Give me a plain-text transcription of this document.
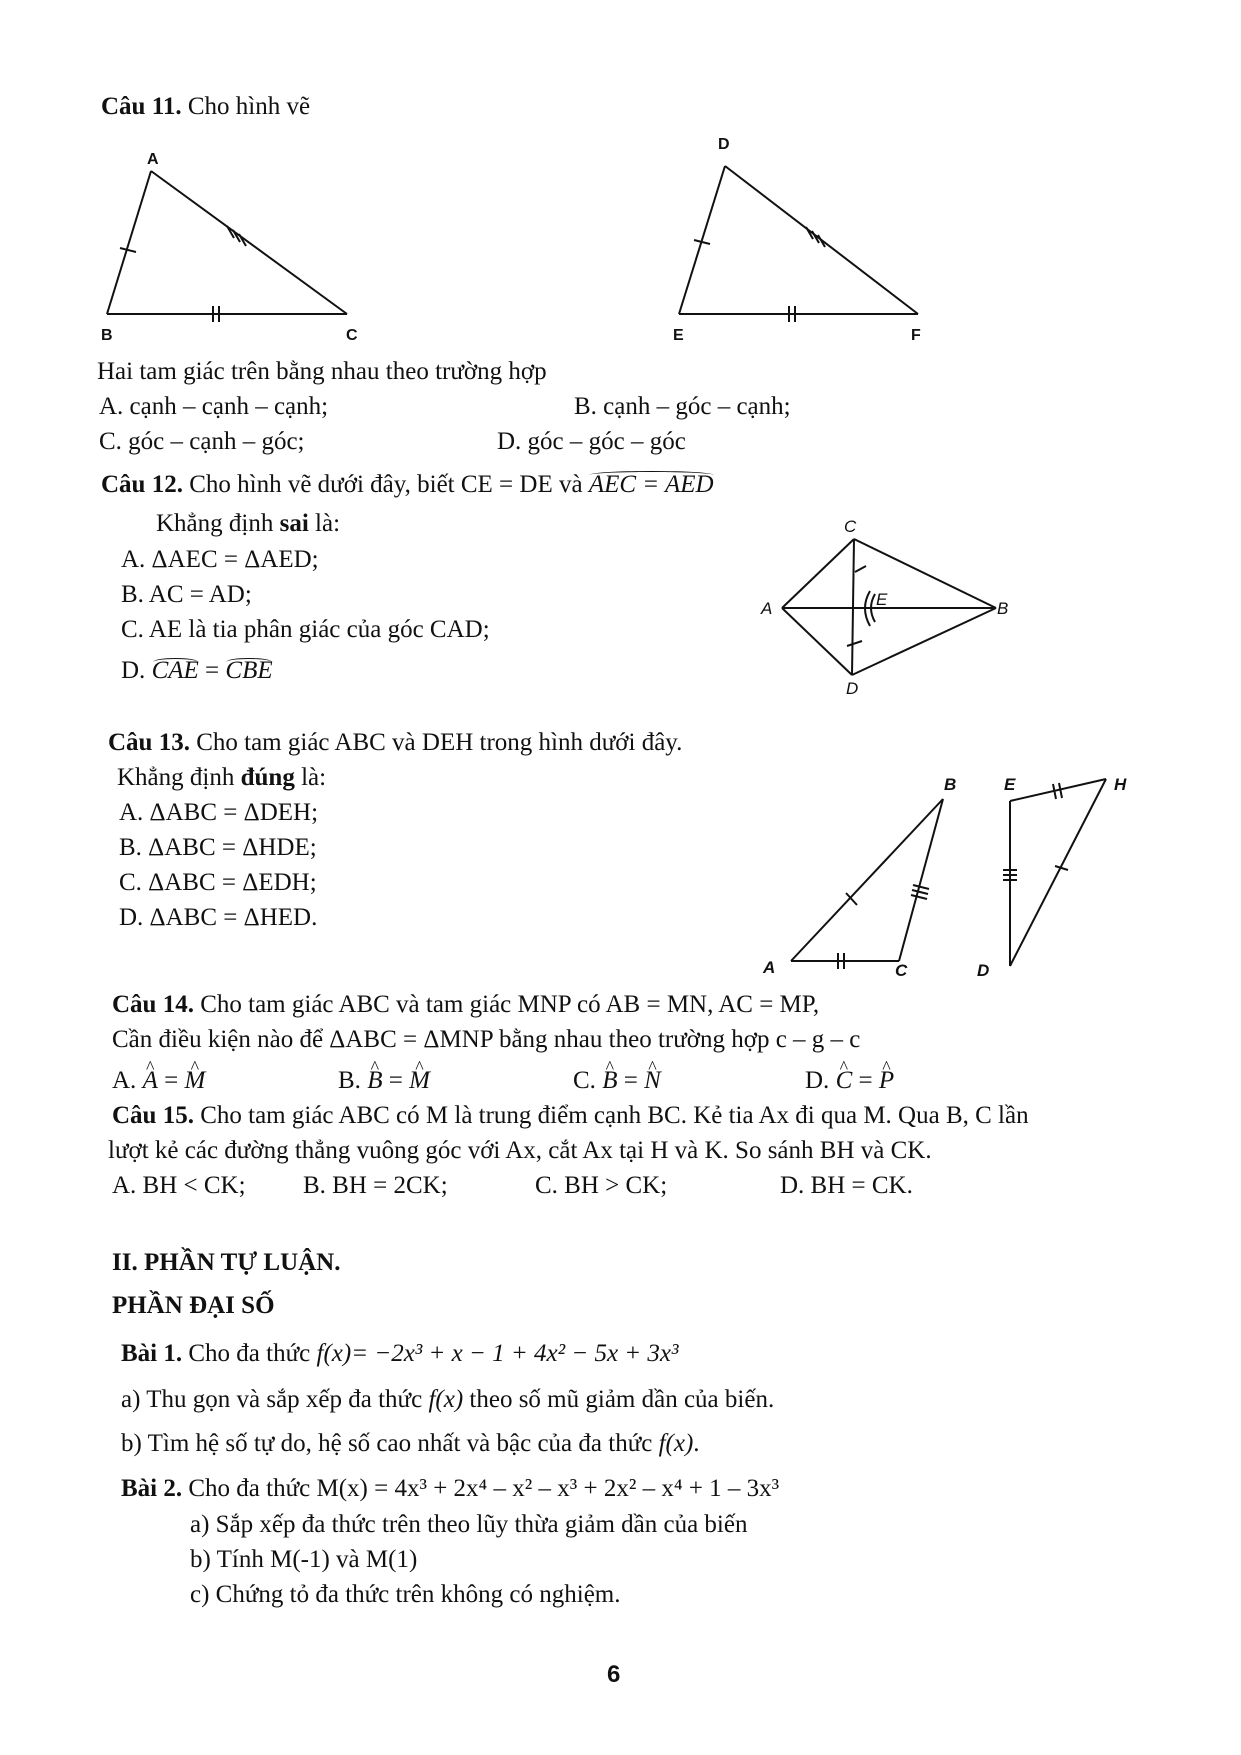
Câu 11. Cho hình vẽ
A
B	C
D
E	F
Hai tam giác trên bằng nhau theo trường hợp
A. cạnh – cạnh – cạnh;	B. cạnh – góc – cạnh;
C. góc – cạnh – góc;	D. góc – góc – góc
Câu 12. Cho hình vẽ dưới đây, biết CE = DE và AEC = AED
Khẳng định sai là:
A. ΔAEC = ΔAED;
B. AC = AD;
C. AE là tia phân giác của góc CAD;
D. CAE = CBE
C
A	E	B
D
Câu 13. Cho tam giác ABC và DEH trong hình dưới đây.
Khẳng định đúng là:
A. ΔABC = ΔDEH;
B. ΔABC = ΔHDE;
C. ΔABC = ΔEDH;
D. ΔABC = ΔHED.
B	E	H
A	C	D
Câu 14. Cho tam giác ABC và tam giác MNP có AB = MN, AC = MP,
Cần điều kiện nào để ΔABC = ΔMNP bằng nhau theo trường hợp c – g – c
A. ^ A = ^ M	B. ^ B = ^ M	C. ^ B = ^ N	D. ^ C = ^ P
Câu 15. Cho tam giác ABC có M là trung điểm cạnh BC. Kẻ tia Ax đi qua M. Qua B, C lần
lượt kẻ các đường thẳng vuông góc với Ax, cắt Ax tại H và K. So sánh BH và CK.
A. BH < CK; B. BH = 2CK;	C. BH > CK;	D. BH = CK.
II. PHẦN TỰ LUẬN.
PHẦN ĐẠI SỐ
Bài 1. Cho đa thức f(x)= −2x³ + x − 1 + 4x² − 5x + 3x³
a) Thu gọn và sắp xếp đa thức f(x) theo số mũ giảm dần của biến.
b) Tìm hệ số tự do, hệ số cao nhất và bậc của đa thức f(x).
Bài 2. Cho đa thức M(x) = 4x³ + 2x⁴ – x² – x³ + 2x² – x⁴ + 1 – 3x³
a) Sắp xếp đa thức trên theo lũy thừa giảm dần của biến
b) Tính M(-1) và M(1)
c) Chứng tỏ đa thức trên không có nghiệm.
6
